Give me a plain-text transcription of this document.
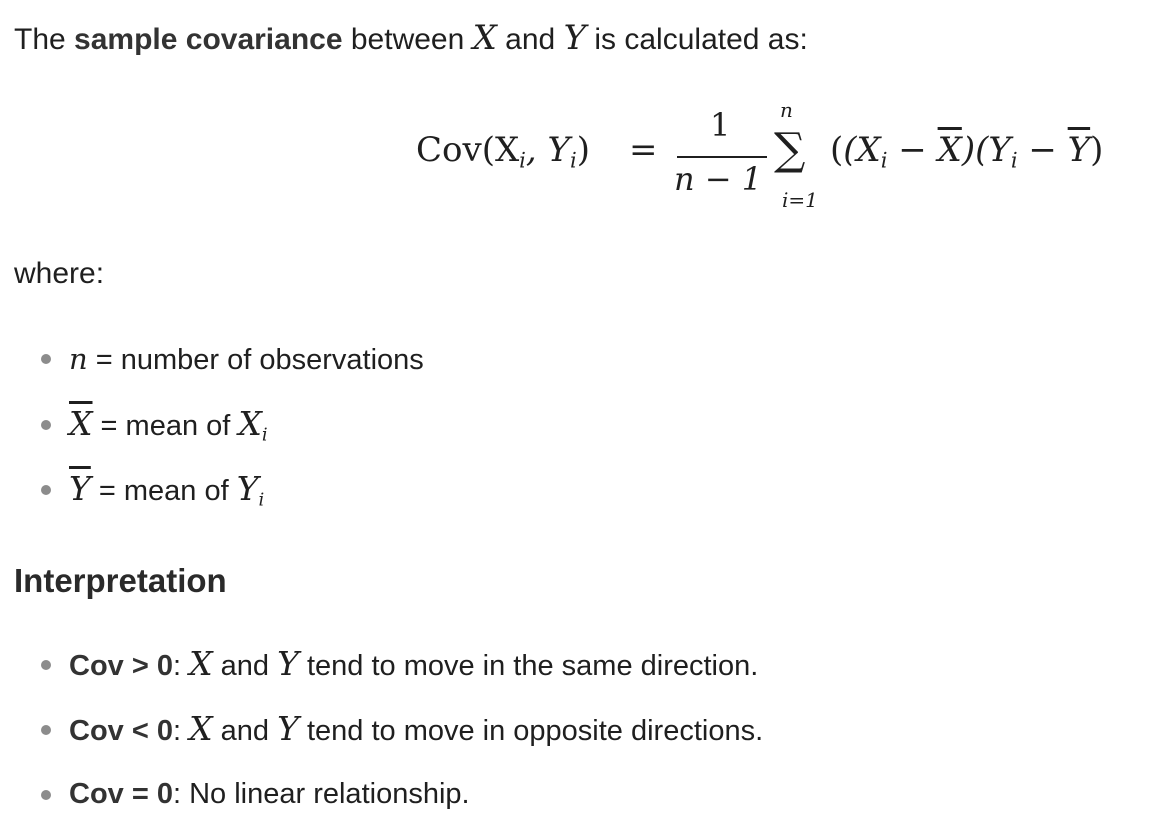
The sample covariance between X and Y is calculated as:
$Cov(X_i$, $Y_i$) =
1
n − 1
n
∑
i=1
($(X_i - \overline{X})(Y_i - \overline{Y})$
where:
n = number of observations
$\overline{X}$ = mean of $X_i$
$\overline{Y}$ = mean of $Y_i$
Interpretation
Cov > 0: X and Y tend to move in the same direction.
Cov < 0: X and Y tend to move in opposite directions.
Cov = 0: No linear relationship.
